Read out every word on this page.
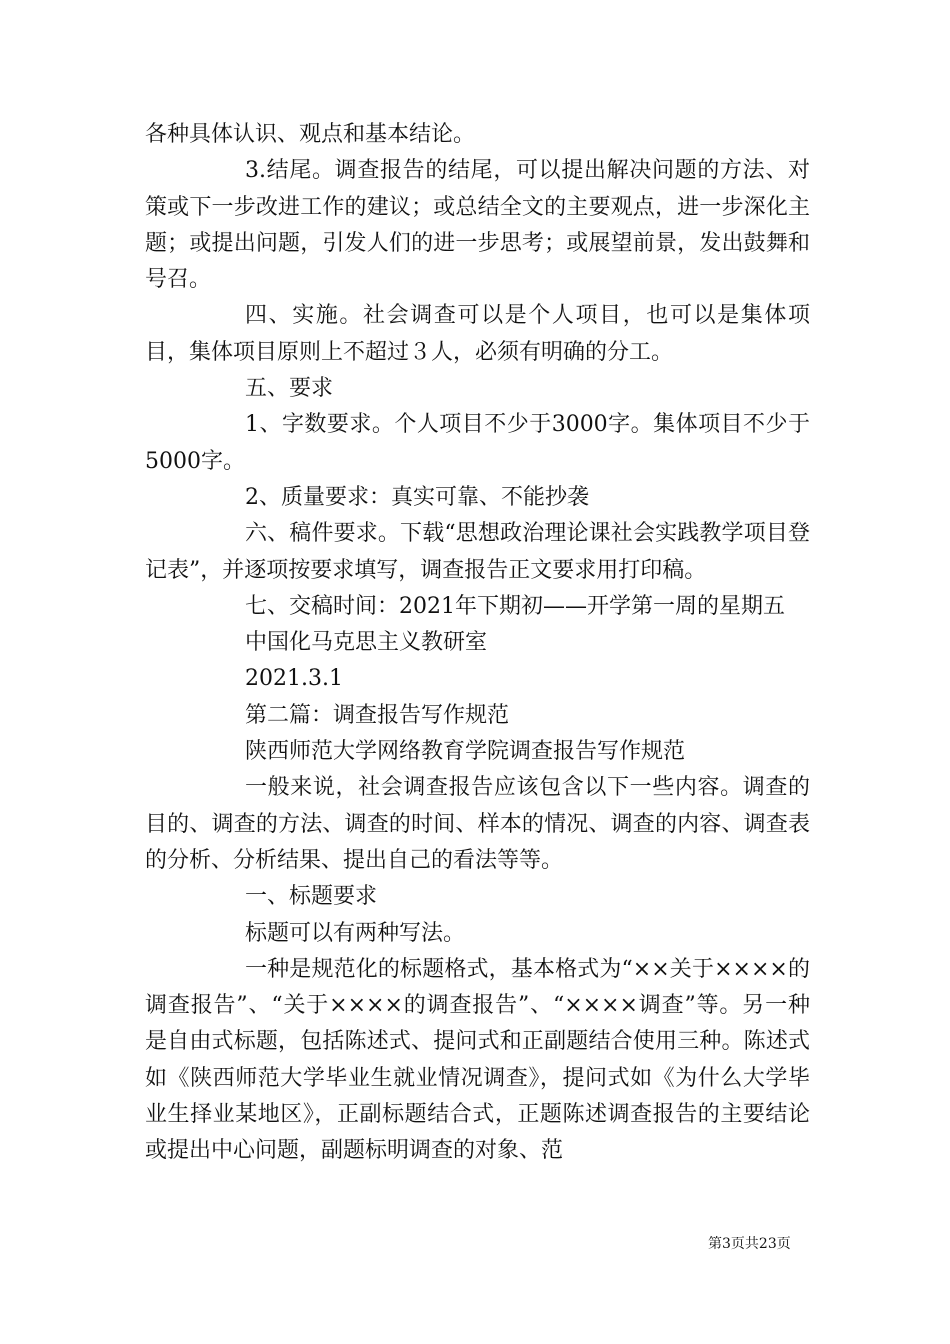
各种具体认识、观点和基本结论。

3.结尾。调查报告的结尾，可以提出解决问题的方法、对策或下一步改进工作的建议；或总结全文的主要观点，进一步深化主题；或提出问题，引发人们的进一步思考；或展望前景，发出鼓舞和号召。

四、实施。社会调查可以是个人项目，也可以是集体项目，集体项目原则上不超过３人，必须有明确的分工。

五、要求

1、字数要求。个人项目不少于3000字。集体项目不少于5000字。

2、质量要求：真实可靠、不能抄袭

六、稿件要求。下载“思想政治理论课社会实践教学项目登记表”，并逐项按要求填写，调查报告正文要求用打印稿。

七、交稿时间：2021年下期初——开学第一周的星期五

中国化马克思主义教研室

2021.3.1

第二篇：调查报告写作规范

陕西师范大学网络教育学院调查报告写作规范

一般来说，社会调查报告应该包含以下一些内容。调查的目的、调查的方法、调查的时间、样本的情况、调查的内容、调查表的分析、分析结果、提出自己的看法等等。

一、标题要求

标题可以有两种写法。

一种是规范化的标题格式，基本格式为“××关于××××的调查报告”、“关于××××的调查报告”、“××××调查”等。另一种是自由式标题，包括陈述式、提问式和正副题结合使用三种。陈述式如《陕西师范大学毕业生就业情况调查》，提问式如《为什么大学毕业生择业某地区》，正副标题结合式，正题陈述调查报告的主要结论或提出中心问题，副题标明调查的对象、范

第3页共23页
